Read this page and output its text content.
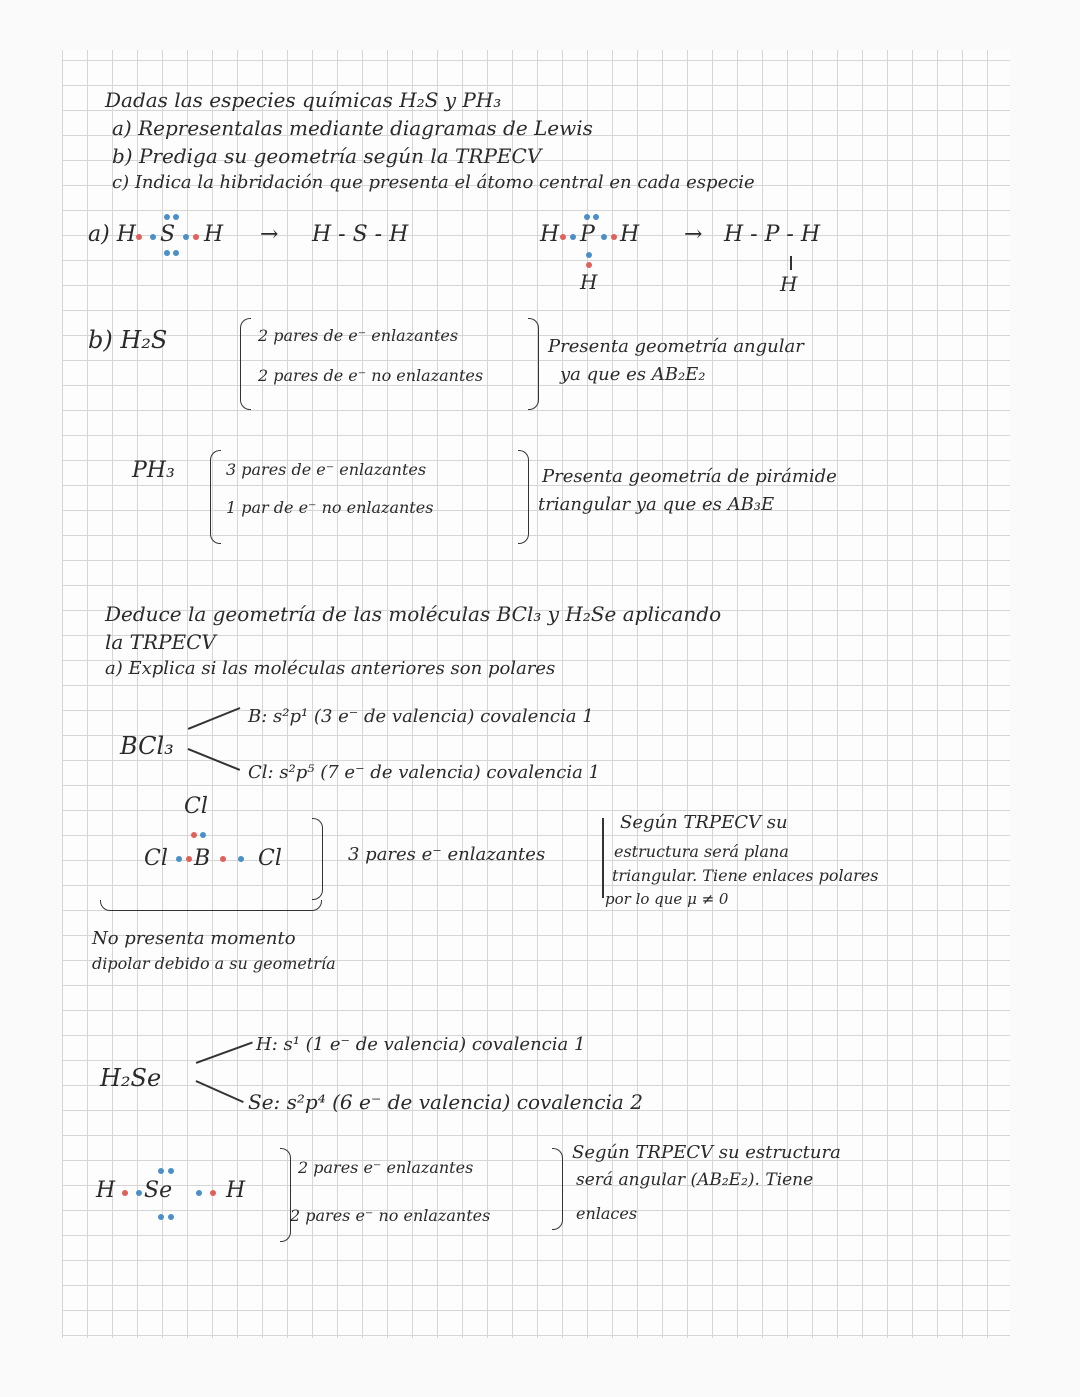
Dadas las especies químicas H₂S y PH₃
a) Representalas mediante diagramas de Lewis
b) Prediga su geometría según la TRPECV
c) Indica la hibridación que presenta el átomo central en cada especie
a) H S H → H - S - H	H P H
H
→ H - P - H
H
b) H₂S	2 pares de e⁻ enlazantes
2 pares de e⁻ no enlazantes
Presenta geometría angular
ya que es AB₂E₂
PH₃	3 pares de e⁻ enlazantes
1 par de e⁻ no enlazantes
Presenta geometría de pirámide
triangular ya que es AB₃E
Deduce la geometría de las moléculas BCl₃ y H₂Se aplicando
la TRPECV
a) Explica si las moléculas anteriores son polares
BCl₃
B: s²p¹ (3 e⁻ de valencia) covalencia 1
Cl: s²p⁵ (7 e⁻ de valencia) covalencia 1
Cl
Cl B Cl	3 pares e⁻ enlazantes
Según TRPECV su
estructura será plana
triangular. Tiene enlaces polares
por lo que μ ≠ 0
No presenta momento
dipolar debido a su geometría
H₂Se
H: s¹ (1 e⁻ de valencia) covalencia 1
Se: s²p⁴ (6 e⁻ de valencia) covalencia 2
H Se H
2 pares e⁻ enlazantes
2 pares e⁻ no enlazantes
Según TRPECV su estructura
será angular (AB₂E₂). Tiene
enlaces
